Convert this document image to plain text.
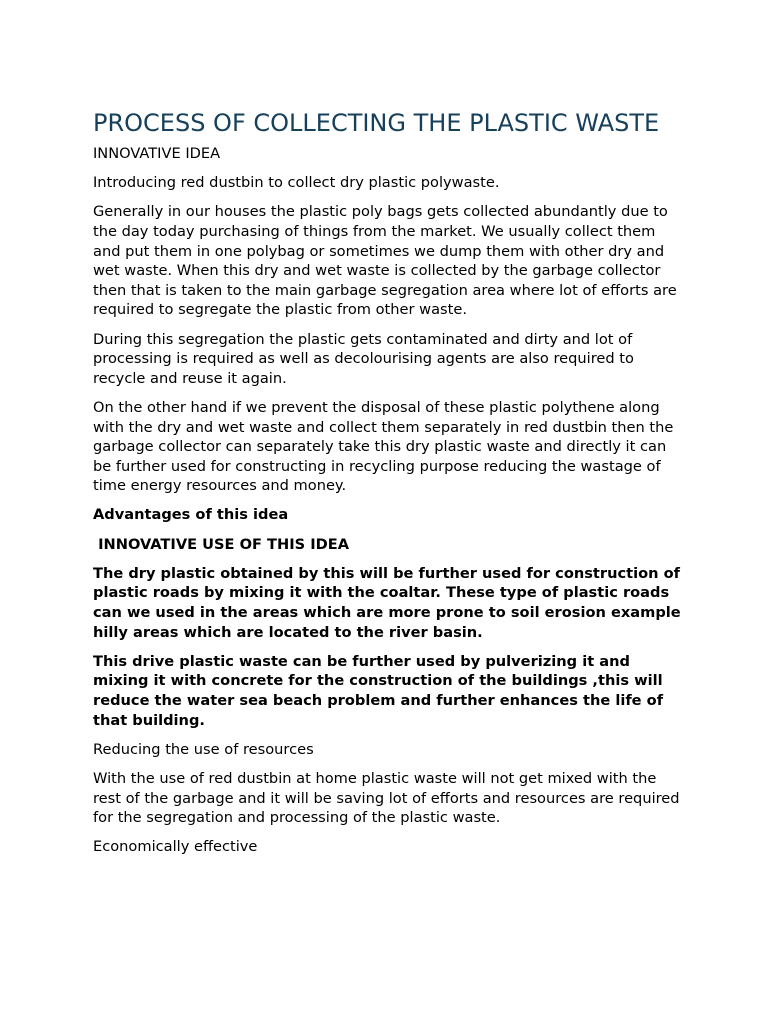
PROCESS OF COLLECTING THE PLASTIC WASTE
INNOVATIVE IDEA
Introducing red dustbin to collect dry plastic polywaste.
Generally in our houses the plastic poly bags gets collected abundantly due to the day today purchasing of things from the market. We usually collect them and put them in one polybag or sometimes we dump them with other dry and wet waste. When this dry and wet waste is collected by the garbage collector then that is taken to the main garbage segregation area where lot of efforts are required to segregate the plastic from other waste.
During this segregation the plastic gets contaminated and dirty and lot of processing is required as well as decolourising agents are also required to recycle and reuse it again.
On the other hand if we prevent the disposal of these plastic polythene along with the dry and wet waste and collect them separately in red dustbin then the garbage collector can separately take this dry plastic waste and directly it can be further used for constructing in recycling purpose reducing the wastage of  time energy resources and money.
Advantages of this idea
INNOVATIVE USE OF THIS IDEA
The dry plastic obtained by this will be further used for construction of plastic roads by mixing it with the coaltar. These type of plastic roads can we used in the areas which are more prone to soil erosion example hilly areas which are located to the river basin.
This drive plastic waste can be further used by pulverizing it and mixing it with concrete for the construction of the buildings ,this will reduce the water sea beach problem and further enhances the life of that building.
Reducing the use of resources
With the use of red dustbin at home plastic waste will not get mixed with the rest of the garbage and it will be saving lot of efforts and resources are required for the segregation and processing of the plastic waste.
Economically effective
